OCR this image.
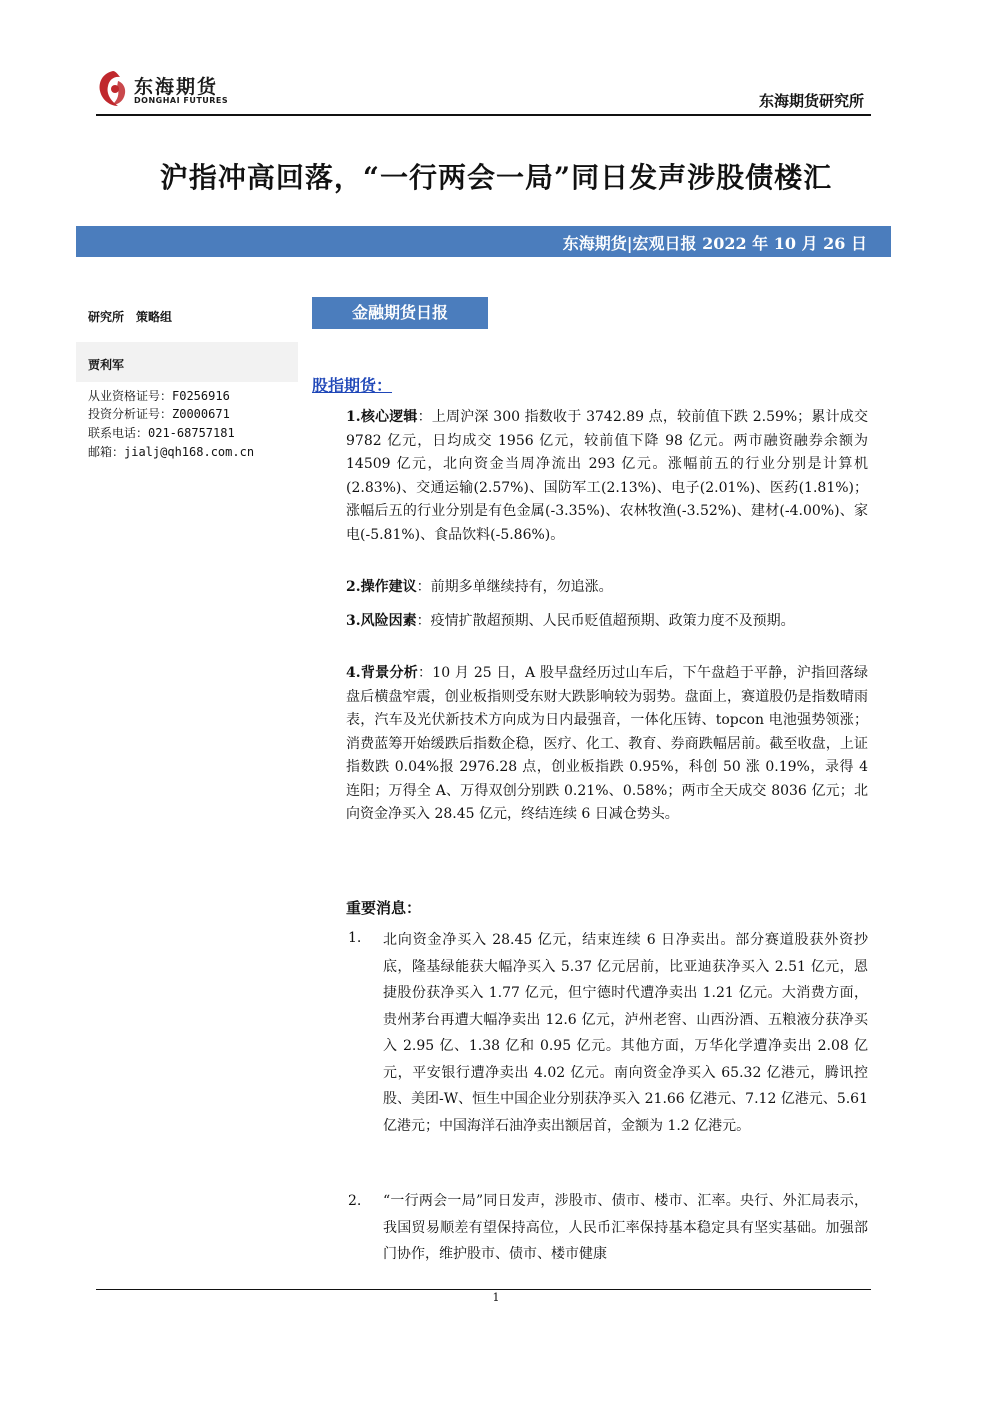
东海期货
DONGHAI FUTURES	东海期货研究所
沪指冲高回落，“一行两会一局”同日发声涉股债楼汇
东海期货|宏观日报 2022 年 10 月 26 日
研究所　策略组
贾利军
从业资格证号：F0256916
投资分析证号：Z0000671
联系电话：021-68757181
邮箱：jialj@qh168.com.cn
金融期货日报
股指期货：
1.核心逻辑：上周沪深 300 指数收于 3742.89 点，较前值下跌 2.59%；累计成交 9782 亿元，日均成交 1956 亿元，较前值下降 98 亿元。两市融资融券余额为 14509 亿元，北向资金当周净流出 293 亿元。涨幅前五的行业分别是计算机(2.83%)、交通运输(2.57%)、国防军工(2.13%)、电子(2.01%)、医药(1.81%)；涨幅后五的行业分别是有色金属(-3.35%)、农林牧渔(-3.52%)、建材(-4.00%)、家电(-5.81%)、食品饮料(-5.86%)。
2.操作建议：前期多单继续持有，勿追涨。
3.风险因素：疫情扩散超预期、人民币贬值超预期、政策力度不及预期。
4.背景分析：10 月 25 日，A 股早盘经历过山车后，下午盘趋于平静，沪指回落绿盘后横盘窄震，创业板指则受东财大跌影响较为弱势。盘面上，赛道股仍是指数晴雨表，汽车及光伏新技术方向成为日内最强音，一体化压铸、topcon 电池强势领涨；消费蓝筹开始缓跌后指数企稳，医疗、化工、教育、券商跌幅居前。截至收盘，上证指数跌 0.04%报 2976.28 点，创业板指跌 0.95%，科创 50 涨 0.19%，录得 4 连阳；万得全 A、万得双创分别跌 0.21%、0.58%；两市全天成交 8036 亿元；北向资金净买入 28.45 亿元，终结连续 6 日减仓势头。
重要消息：
1. 北向资金净买入 28.45 亿元，结束连续 6 日净卖出。部分赛道股获外资抄底，隆基绿能获大幅净买入 5.37 亿元居前，比亚迪获净买入 2.51 亿元，恩捷股份获净买入 1.77 亿元，但宁德时代遭净卖出 1.21 亿元。大消费方面，贵州茅台再遭大幅净卖出 12.6 亿元，泸州老窖、山西汾酒、五粮液分获净买入 2.95 亿、1.38 亿和 0.95 亿元。其他方面，万华化学遭净卖出 2.08 亿元，平安银行遭净卖出 4.02 亿元。南向资金净买入 65.32 亿港元，腾讯控股、美团-W、恒生中国企业分别获净买入 21.66 亿港元、7.12 亿港元、5.61 亿港元；中国海洋石油净卖出额居首，金额为 1.2 亿港元。
2. “一行两会一局”同日发声，涉股市、债市、楼市、汇率。央行、外汇局表示，我国贸易顺差有望保持高位，人民币汇率保持基本稳定具有坚实基础。加强部门协作，维护股市、债市、楼市健康
1
